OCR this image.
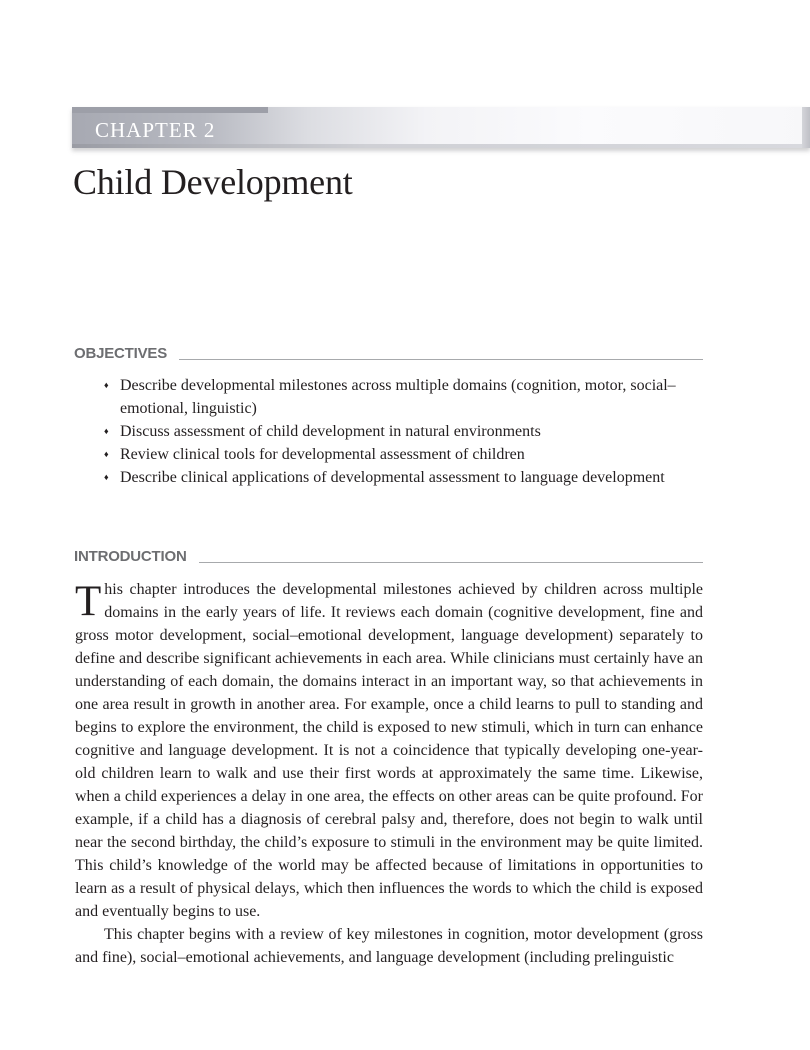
CHAPTER 2
Child Development
OBJECTIVES
♦ Describe developmental milestones across multiple domains (cognition, motor, social–emotional, linguistic)
♦ Discuss assessment of child development in natural environments
♦ Review clinical tools for developmental assessment of children
♦ Describe clinical applications of developmental assessment to language development
INTRODUCTION

This chapter introduces the developmental milestones achieved by children across multiple domains in the early years of life. It reviews each domain (cognitive development, fine and gross motor development, social–emotional development, language development) separately to define and describe significant achievements in each area. While clinicians must certainly have an understanding of each domain, the domains interact in an important way, so that achievements in one area result in growth in another area. For example, once a child learns to pull to standing and begins to explore the environment, the child is exposed to new stimuli, which in turn can enhance cognitive and language development. It is not a coincidence that typically developing one-year-old children learn to walk and use their first words at approximately the same time. Likewise, when a child experiences a delay in one area, the effects on other areas can be quite profound. For example, if a child has a diagnosis of cerebral palsy and, therefore, does not begin to walk until near the second birthday, the child’s exposure to stimuli in the environment may be quite limited. This child’s knowledge of the world may be affected because of limitations in opportunities to learn as a result of physical delays, which then influences the words to which the child is exposed and eventually begins to use.

This chapter begins with a review of key milestones in cognition, motor development (gross and fine), social–emotional achievements, and language development (including prelinguistic
